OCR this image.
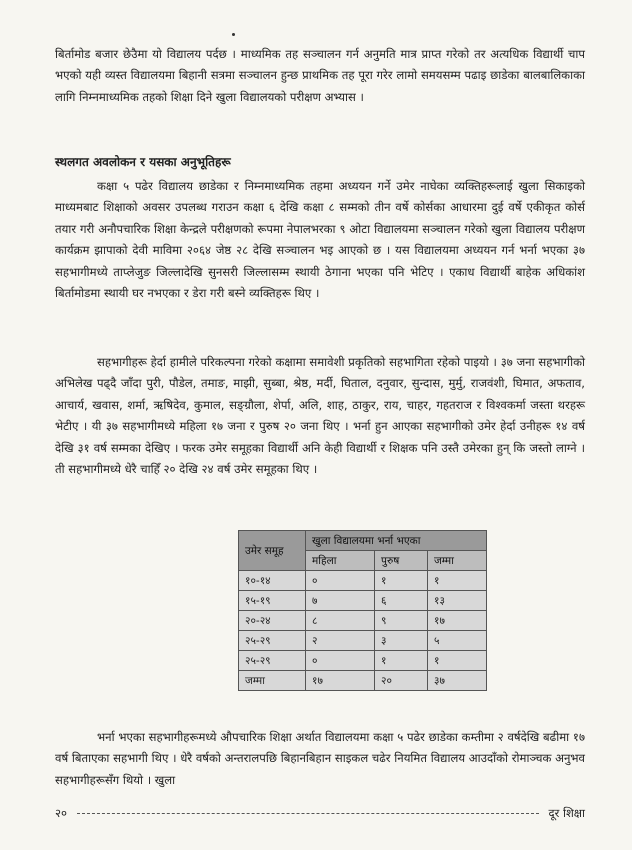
बिर्तामोड बजार छेउैमा यो विद्यालय पर्दछ । माध्यमिक तह सञ्चालन गर्न अनुमति मात्र प्राप्त गरेको तर अत्यधिक विद्यार्थी चाप भएको यही व्यस्त विद्यालयमा बिहानी सत्रमा सञ्चालन हुन्छ प्राथमिक तह पूरा गरेर लामो समयसम्म पढाइ छाडेका बालबालिकाका लागि निम्नमाध्यमिक तहको शिक्षा दिने खुला विद्यालयको परीक्षण अभ्यास ।

स्थलगत अवलोकन र यसका अनुभूतिहरू

कक्षा ५ पढेर विद्यालय छाडेका र निम्नमाध्यमिक तहमा अध्ययन गर्ने उमेर नाघेका व्यक्तिहरूलाई खुला सिकाइको माध्यमबाट शिक्षाको अवसर उपलब्ध गराउन कक्षा ६ देखि कक्षा ८ सम्मको तीन वर्षे कोर्सका आधारमा दुई वर्षे एकीकृत कोर्स तयार गरी अनौपचारिक शिक्षा केन्द्रले परीक्षणको रूपमा नेपालभरका ९ ओटा विद्यालयमा सञ्चालन गरेको खुला विद्यालय परीक्षण कार्यक्रम झापाको देवी माविमा २०६४ जेष्ठ २८ देखि सञ्चालन भइ आएको छ । यस विद्यालयमा अध्ययन गर्न भर्ना भएका ३७ सहभागीमध्ये ताप्लेजुङ जिल्लादेखि सुनसरी जिल्लासम्म स्थायी ठेगाना भएका पनि भेटिए । एकाध विद्यार्थी बाहेक अधिकांश बिर्तामोडमा स्थायी घर नभएका र डेरा गरी बस्ने व्यक्तिहरू थिए ।

सहभागीहरू हेर्दा हामीले परिकल्पना गरेको कक्षामा समावेशी प्रकृतिको सहभागिता रहेको पाइयो । ३७ जना सहभागीको अभिलेख पढ्दै जाँदा पुरी, पौडेल, तमाङ, माझी, सुब्बा, श्रेष्ठ, मर्दी, घिताल, दनुवार, सुन्दास, मुर्मु, राजवंशी, घिमात, अफताव, आचार्य, खवास, शर्मा, ऋषिदेव, कुमाल, सङ्ग्रौला, शेर्पा, अलि, शाह, ठाकुर, राय, चाहर, गहतराज र विश्वकर्मा जस्ता थरहरू भेटीए । यी ३७ सहभागीमध्ये महिला १७ जना र पुरुष २० जना थिए । भर्ना हुन आएका सहभागीको उमेर हेर्दा उनीहरू १४ वर्ष देखि ३१ वर्ष सम्मका देखिए । फरक उमेर समूहका विद्यार्थी अनि केही विद्यार्थी र शिक्षक पनि उस्तै उमेरका हुन् कि जस्तो लाग्ने । ती सहभागीमध्ये धेरै चाहिँ २० देखि २४ वर्ष उमेर समूहका थिए ।

उमेर समूह	खुला विद्यालयमा भर्ना भएका		
	महिला	पुरुष	जम्मा
१०-१४	०	१	१
१५-१९	७	६	१३
२०-२४	८	९	१७
२५-२९	२	३	५
२५-२९	०	१	१
जम्मा	१७	२०	३७

भर्ना भएका सहभागीहरूमध्ये औपचारिक शिक्षा अर्थात विद्यालयमा कक्षा ५ पढेर छाडेका कम्तीमा २ वर्षदेखि बढीमा १७ वर्ष बिताएका सहभागी थिए । धेरै वर्षको अन्तरालपछि बिहानबिहान साइकल चढेर नियमित विद्यालय आउदाँको रोमाञ्चक अनुभव सहभागीहरूसँग थियो । खुला

२०	दूर शिक्षा
